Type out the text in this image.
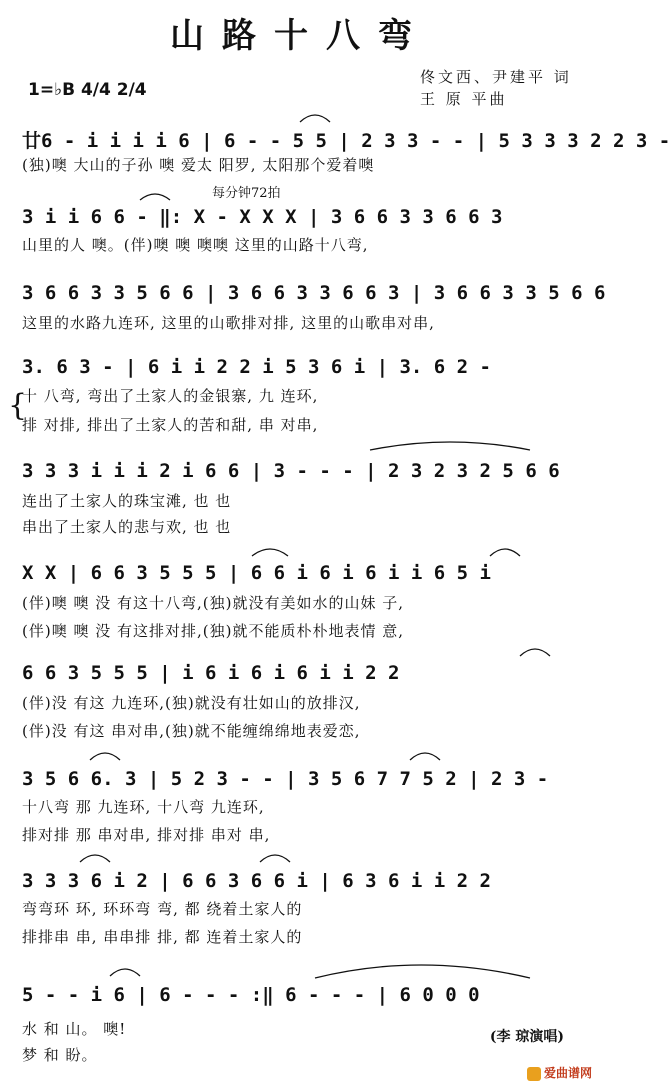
山路十八弯
1=♭B 4/4 2/4
佟文西、尹建平 词
王 原 平曲
廿6 - i i i i 6 | 6 - - 5 5 | 2 3 3 - - | 5 3 3 3 2 2 3 -
(独)噢 大山的子孙 噢 爱太 阳罗, 太阳那个爱着噢
每分钟72拍
3 i i 6 6 - ‖: X - X X X | 3 6 6 3 3 6 6 3
山里的人 噢。(伴)噢 噢 噢噢 这里的山路十八弯,
3 6 6 3 3 5 6 6 | 3 6 6 3 3 6 6 3 | 3 6 6 3 3 5 6 6
这里的水路九连环, 这里的山歌排对排, 这里的山歌串对串,
{
3. 6 3 - | 6 i i 2 2 i 5 3 6 i | 3. 6 2 -
十 八弯, 弯出了土家人的金银寨, 九 连环,
排 对排, 排出了土家人的苦和甜, 串 对串,
3 3 3 i i i 2 i 6 6 | 3 - - - | 2 3 2 3 2 5 6 6
连出了土家人的珠宝滩, 也 也
串出了土家人的悲与欢, 也 也
X X | 6 6 3 5 5 5 | 6 6 i 6 i 6 i i 6 5 i
(伴)噢 噢 没 有这十八弯,(独)就没有美如水的山妹 子,
(伴)噢 噢 没 有这排对排,(独)就不能质朴朴地表情 意,
6 6 3 5 5 5 | i 6 i 6 i 6 i i 2 2
(伴)没 有这 九连环,(独)就没有壮如山的放排汉,
(伴)没 有这 串对串,(独)就不能缠绵绵地表爱恋,
3 5 6 6. 3 | 5 2 3 - - | 3 5 6 7 7 5 2 | 2 3 -
十八弯 那 九连环, 十八弯 九连环,
排对排 那 串对串, 排对排 串对 串,
3 3 3 6 i 2 | 6 6 3 6 6 i | 6 3 6 i i 2 2
弯弯环 环, 环环弯 弯, 都 绕着土家人的
排排串 串, 串串排 排, 都 连着土家人的
5 - - i 6 | 6 - - - :‖ 6 - - - | 6 0 0 0
水 和 山。 噢!
梦 和 盼。
(李 琼演唱)
爱曲谱网
